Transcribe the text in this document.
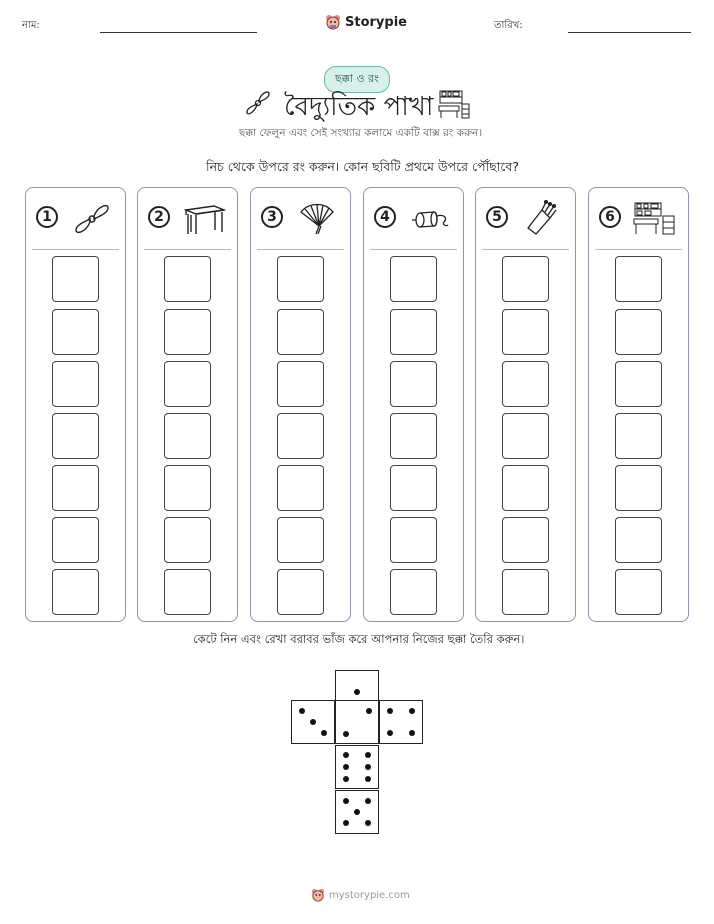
নাম:	Storypie	তারিখ:
ছক্কা ও রং
বৈদ্যুতিক পাখা
ছক্কা ফেলুন এবং সেই সংখ্যার কলামে একটি বাক্স রং করুন।
নিচ থেকে উপরে রং করুন। কোন ছবিটি প্রথমে উপরে পৌঁছাবে?
1	2	3	4	5	6
কেটে নিন এবং রেখা বরাবর ভাঁজ করে আপনার নিজের ছক্কা তৈরি করুন।
mystorypie.com
